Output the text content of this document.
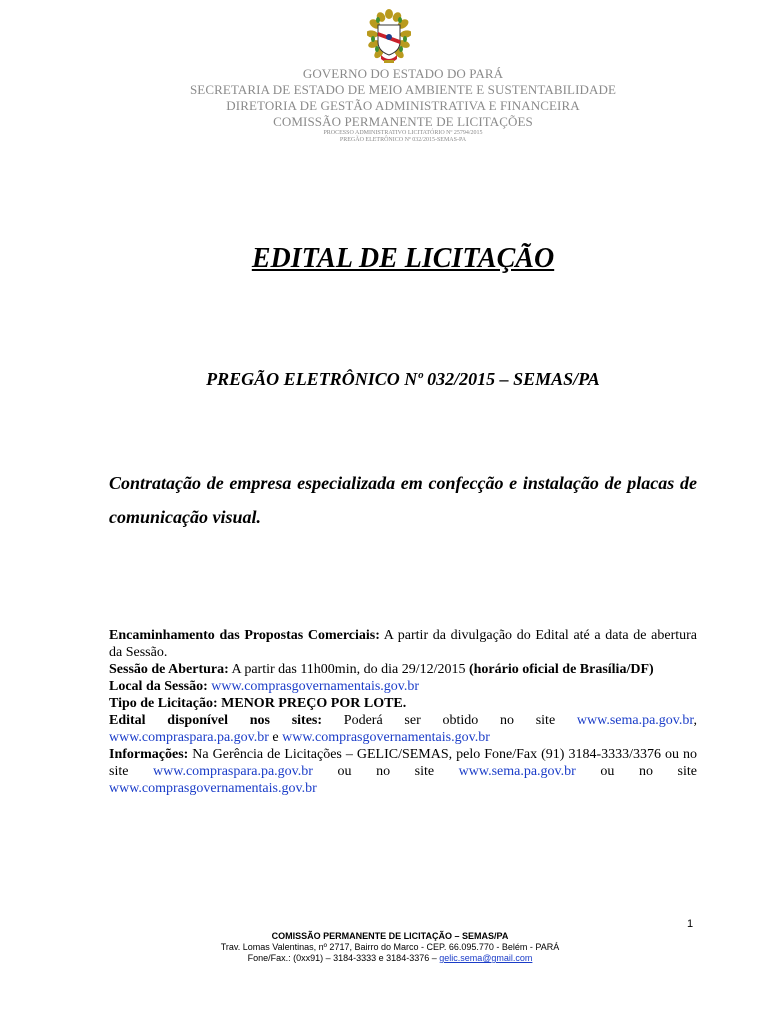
GOVERNO DO ESTADO DO PARÁ
SECRETARIA DE ESTADO DE MEIO AMBIENTE E SUSTENTABILIDADE
DIRETORIA DE GESTÃO ADMINISTRATIVA E FINANCEIRA
COMISSÃO PERMANENTE DE LICITAÇÕES
PROCESSO ADMINISTRATIVO LICITATÓRIO Nº 25794/2015
PREGÃO ELETRÔNICO Nº 032/2015-SEMAS-PA
EDITAL DE LICITAÇÃO
PREGÃO ELETRÔNICO Nº 032/2015 – SEMAS/PA
Contratação de empresa especializada em confecção e instalação de placas de comunicação visual.
Encaminhamento das Propostas Comerciais: A partir da divulgação do Edital até a data de abertura da Sessão.
Sessão de Abertura: A partir das 11h00min, do dia 29/12/2015 (horário oficial de Brasília/DF)
Local da Sessão: www.comprasgovernamentais.gov.br
Tipo de Licitação: MENOR PREÇO POR LOTE.
Edital disponível nos sites: Poderá ser obtido no site www.sema.pa.gov.br,
www.compraspara.pa.gov.br e www.comprasgovernamentais.gov.br
Informações: Na Gerência de Licitações – GELIC/SEMAS, pelo Fone/Fax (91) 3184-3333/3376 ou no site www.compraspara.pa.gov.br ou no site www.sema.pa.gov.br ou no site www.comprasgovernamentais.gov.br
1
COMISSÃO PERMANENTE DE LICITAÇÃO – SEMAS/PA
Trav. Lomas Valentinas, nº 2717, Bairro do Marco - CEP. 66.095.770 - Belém - PARÁ
Fone/Fax.: (0xx91) – 3184-3333 e 3184-3376 – gelic.sema@gmail.com
